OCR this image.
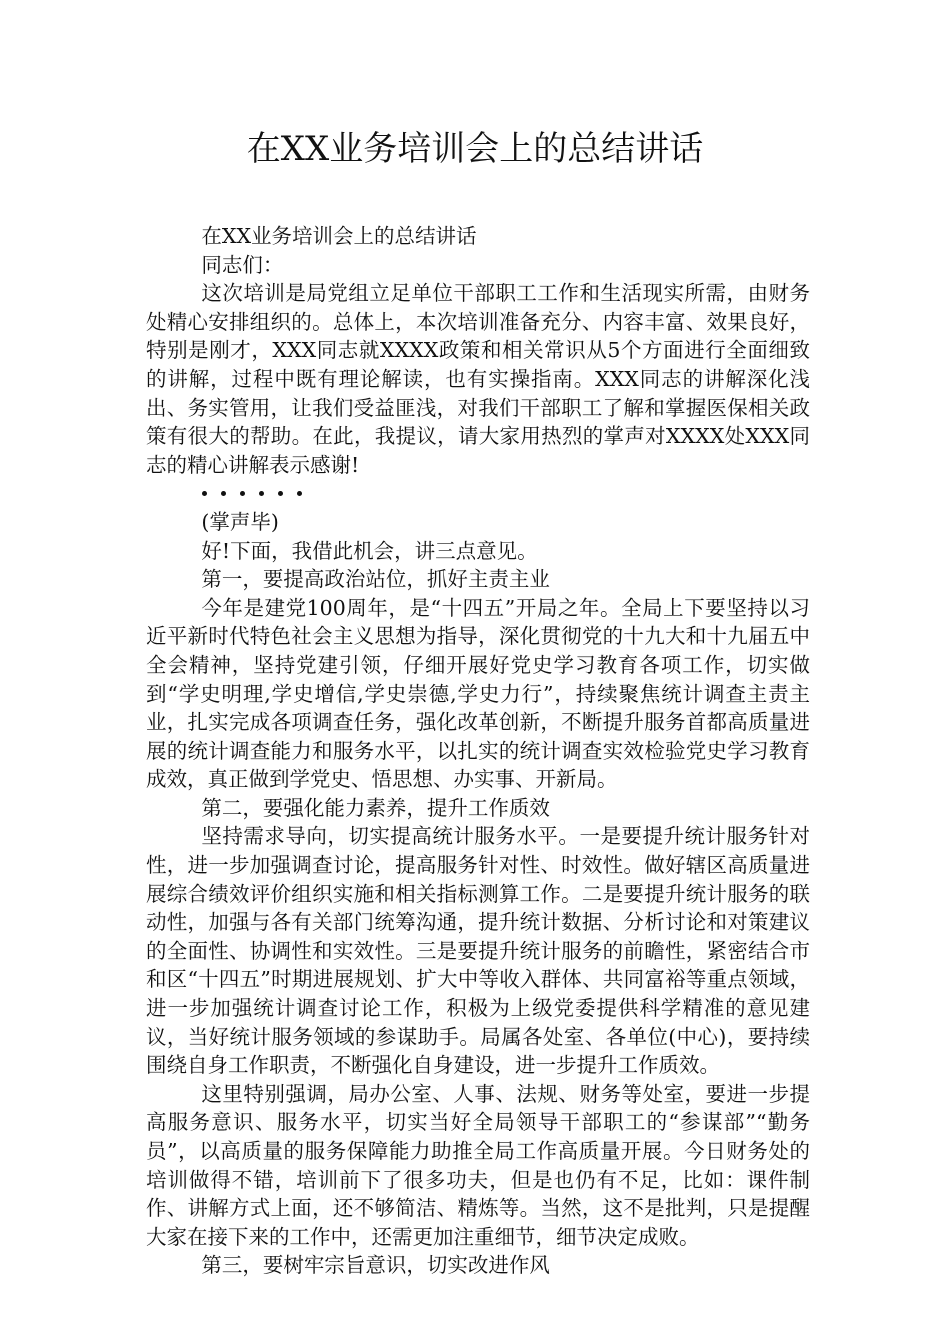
在XX业务培训会上的总结讲话

在XX业务培训会上的总结讲话

同志们：

这次培训是局党组立足单位干部职工工作和生活现实所需，由财务处精心安排组织的。总体上，本次培训准备充分、内容丰富、效果良好，特别是刚才，XXX同志就XXXX政策和相关常识从5个方面进行全面细致的讲解，过程中既有理论解读，也有实操指南。XXX同志的讲解深化浅出、务实管用，让我们受益匪浅，对我们干部职工了解和掌握医保相关政策有很大的帮助。在此，我提议，请大家用热烈的掌声对XXXX处XXX同志的精心讲解表示感谢!

(掌声毕)

好!下面，我借此机会，讲三点意见。

第一，要提高政治站位，抓好主责主业

今年是建党100周年，是“十四五”开局之年。全局上下要坚持以习近平新时代特色社会主义思想为指导，深化贯彻党的十九大和十九届五中全会精神，坚持党建引领，仔细开展好党史学习教育各项工作，切实做到“学史明理,学史增信,学史崇德,学史力行”，持续聚焦统计调查主责主业，扎实完成各项调查任务，强化改革创新，不断提升服务首都高质量进展的统计调查能力和服务水平，以扎实的统计调查实效检验党史学习教育成效，真正做到学党史、悟思想、办实事、开新局。

第二，要强化能力素养，提升工作质效

坚持需求导向，切实提高统计服务水平。一是要提升统计服务针对性，进一步加强调查讨论，提高服务针对性、时效性。做好辖区高质量进展综合绩效评价组织实施和相关指标测算工作。二是要提升统计服务的联动性，加强与各有关部门统筹沟通，提升统计数据、分析讨论和对策建议的全面性、协调性和实效性。三是要提升统计服务的前瞻性，紧密结合市和区“十四五”时期进展规划、扩大中等收入群体、共同富裕等重点领域，进一步加强统计调查讨论工作，积极为上级党委提供科学精准的意见建议，当好统计服务领域的参谋助手。局属各处室、各单位(中心)，要持续围绕自身工作职责，不断强化自身建设，进一步提升工作质效。

这里特别强调，局办公室、人事、法规、财务等处室，要进一步提高服务意识、服务水平，切实当好全局领导干部职工的“参谋部”“勤务员”，以高质量的服务保障能力助推全局工作高质量开展。今日财务处的培训做得不错，培训前下了很多功夫，但是也仍有不足，比如：课件制作、讲解方式上面，还不够简洁、精炼等。当然，这不是批判，只是提醒大家在接下来的工作中，还需更加注重细节，细节决定成败。

第三，要树牢宗旨意识，切实改进作风
